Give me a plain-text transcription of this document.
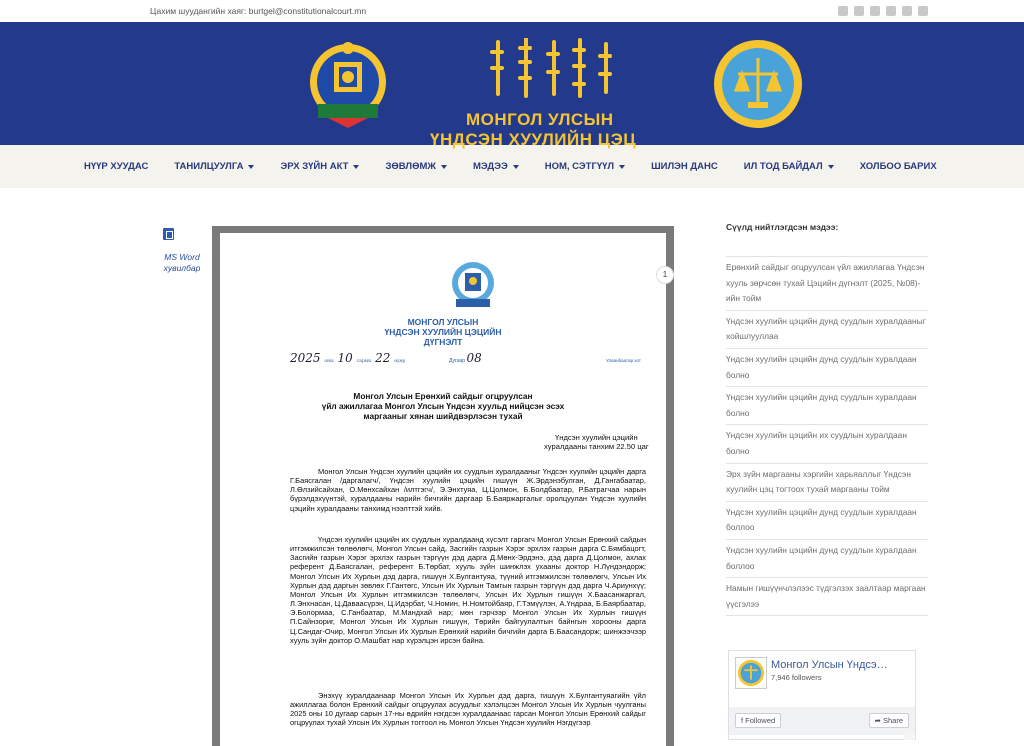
Цахим шуудангийн хаяг: burtgel@constitutionalcourt.mn
МОНГОЛ УЛСЫН
ҮНДСЭН ХУУЛИЙН ЦЭЦ
НҮҮР ХУУДАС	ТАНИЛЦУУЛГА	ЭРХ ЗҮЙН АКТ	ЗӨВЛӨМЖ	МЭДЭЭ	НОМ, СЭТГҮҮЛ	ШИЛЭН ДАНС	ИЛ ТОД БАЙДАЛ	ХОЛБОО БАРИХ
MS Word
хувилбар
МОНГОЛ УЛСЫН
ҮНДСЭН ХУУЛИЙН ЦЭЦИЙН
ДҮГНЭЛТ
2025 оны 10 сарын 22 өдөр	Дугаар 08	Улаанбаатар хот
Монгол Улсын Ерөнхий сайдыг огцруулсан
үйл ажиллагаа Монгол Улсын Үндсэн хуульд нийцсэн эсэх
маргааныг хянан шийдвэрлэсэн тухай
Үндсэн хуулийн цэцийн
хуралдааны танхим 22.50 цаг
Монгол Улсын Үндсэн хуулийн цэцийн их суудлын хуралдааныг Үндсэн хуулийн цэцийн дарга Г.Баясгалан /даргалагч/, Үндсэн хуулийн цэцийн гишүүн Ж.Эрдэнэбулган, Д.Гангабаатар, Л.Өлзийсайхан, О.Мөнхсайхан /илтгэгч/, Э.Энхтуяа, Ц.Цолмон, Б.Болдбаатар, Р.Батрагчаа нарын бүрэлдэхүүнтэй, хуралдааны нарийн бичгийн даргаар Б.Баяржаргалыг оролцуулан Үндсэн хуулийн цэцийн хуралдааны танхимд нээлттэй хийв.
Үндсэн хуулийн цэцийн их суудлын хуралдаанд хүсэлт гаргагч Монгол Улсын Ерөнхий сайдын итгэмжилсэн төлөөлөгч, Монгол Улсын сайд, Засгийн газрын Хэрэг эрхлэх газрын дарга С.Бямбацогт, Засгийн газрын Хэрэг эрхлэх газрын тэргүүн дэд дарга Д.Мөнх-Эрдэнэ, дэд дарга Д.Цолмон, ахлах референт Д.Баясгалан, референт Б.Төрбат, хууль зүйн шинжлэх ухааны доктор Н.Лүндэндорж; Монгол Улсын Их Хурлын дэд дарга, гишүүн Х.Булгантуяа, түүний итгэмжилсэн төлөөлөгч, Улсын Их Хурлын дэд даргын зөвлөх Г.Гантөгс, Улсын Их Хурлын Тамгын газрын тэргүүн дэд дарга Ч.Ариунхүү; Монгол Улсын Их Хурлын итгэмжилсэн төлөөлөгч, Улсын Их Хурлын гишүүн Х.Баасанжаргал, Л.Энхнасан, Ц.Даваасүрэн, Ц.Идэрбат, Ч.Номин, Н.Номтойбаяр, Г.Тэмүүлэн, А.Үндраа, Б.Баярбаатар, Э.Болормаа, С.Ганбаатар, М.Мандхай нар; мөн гэрчээр Монгол Улсын Их Хурлын гишүүн П.Сайнзориг, Монгол Улсын Их Хурлын гишүүн, Төрийн байгуулалтын байнгын хорооны дарга Ц.Сандаг-Очир, Монгол Улсын Их Хурлын Ерөнхий нарийн бичгийн дарга Б.Баасандорж; шинжээчээр хууль зүйн доктор О.Машбат нар хүрэлцэн ирсэн байна.
Энэхүү хуралдаанаар Монгол Улсын Их Хурлын дэд дарга, гишүүн Х.Булгантуяагийн үйл ажиллагаа болон Ерөнхий сайдыг огцруулах асуудлыг хэлэлцсэн Монгол Улсын Их Хурлын чуулганы 2025 оны 10 дугаар сарын 17-ны өдрийн нэгдсэн хуралдаанаас гарсан Монгол Улсын Ерөнхий сайдыг огцруулах тухай Улсын Их Хурлын тогтоол нь Монгол Улсын Үндсэн хуулийн Нэгдүгээр
1
Сүүлд нийтлэгдсэн мэдээ:
Ерөнхий сайдыг огцруулсан үйл ажиллагаа Үндсэн хууль зөрчсөн тухай Цэцийн дүгнэлт (2025, №08)-ийн тойм
Үндсэн хуулийн цэцийн дунд суудлын хуралдааныг хойшлууллаа
Үндсэн хуулийн цэцийн дунд суудлын хуралдаан болно
Үндсэн хуулийн цэцийн дунд суудлын хуралдаан болно
Үндсэн хуулийн цэцийн их суудлын хуралдаан болно
Эрх зүйн маргааны хэргийн харьяаллыг Үндсэн хуулийн цэц тогтоох тухай маргааны тойм
Үндсэн хуулийн цэцийн дунд суудлын хуралдаан боллоо
Үндсэн хуулийн цэцийн дунд суудлын хуралдаан боллоо
Намын гишүүнчлэлээс түдгэлзэх заалтаар маргаан үүсгэлээ
Монгол Улсын Үндсэ…
7,946 followers
f Followed	➦ Share
